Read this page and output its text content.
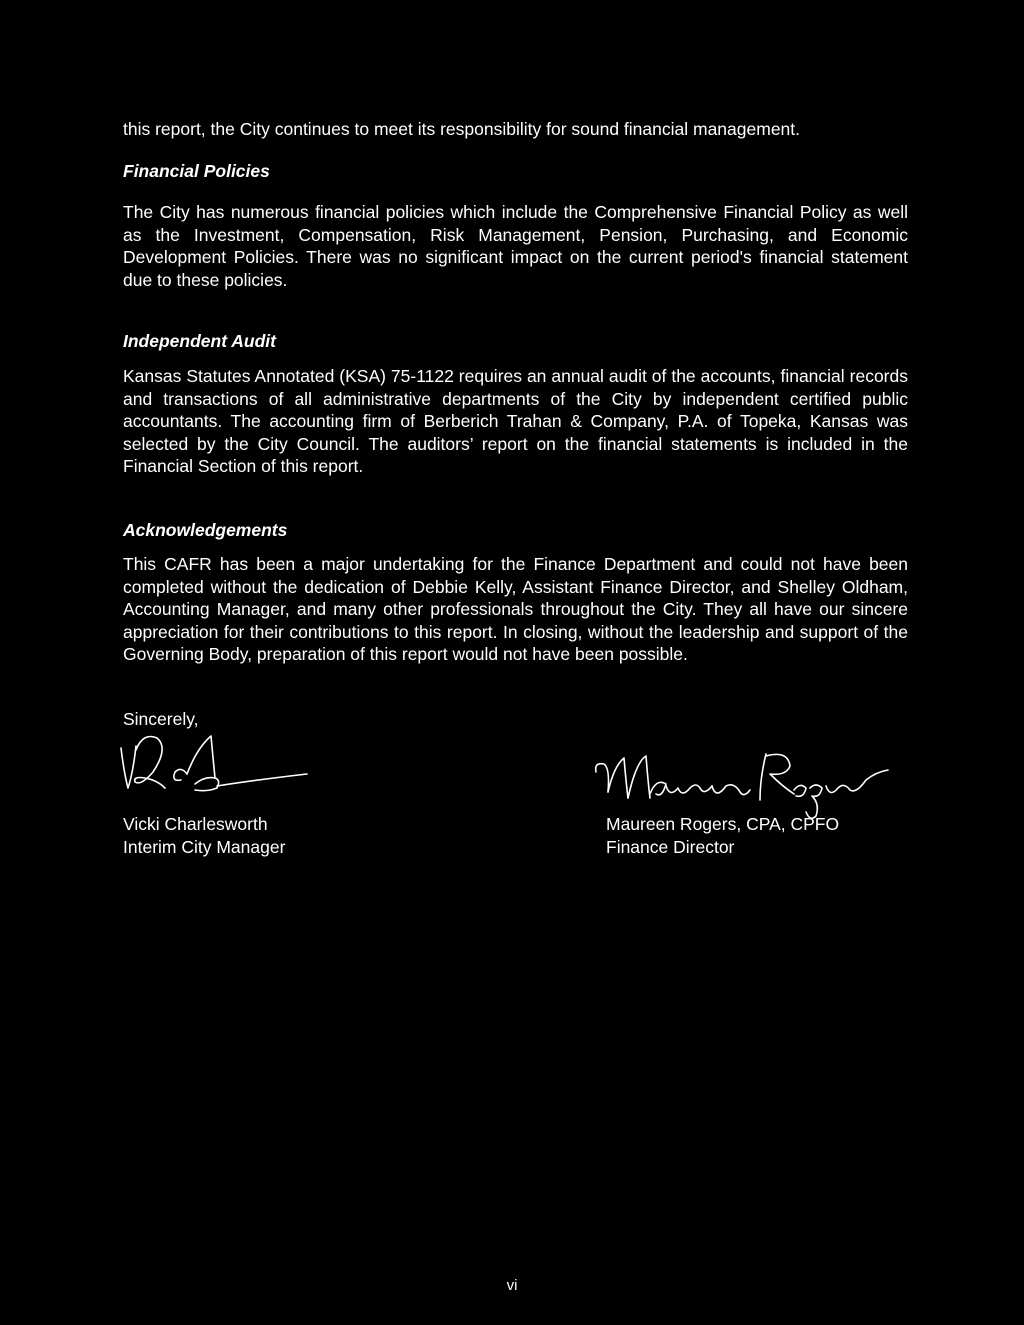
this report, the City continues to meet its responsibility for sound financial management.
Financial Policies
The City has numerous financial policies which include the Comprehensive Financial Policy as well as the Investment, Compensation, Risk Management, Pension, Purchasing, and Economic Development Policies. There was no significant impact on the current period's financial statement due to these policies.
Independent Audit
Kansas Statutes Annotated (KSA) 75-1122 requires an annual audit of the accounts, financial records and transactions of all administrative departments of the City by independent certified public accountants. The accounting firm of Berberich Trahan & Company, P.A. of Topeka, Kansas was selected by the City Council. The auditors’ report on the financial statements is included in the Financial Section of this report.
Acknowledgements
This CAFR has been a major undertaking for the Finance Department and could not have been completed without the dedication of Debbie Kelly, Assistant Finance Director, and Shelley Oldham, Accounting Manager, and many other professionals throughout the City. They all have our sincere appreciation for their contributions to this report. In closing, without the leadership and support of the Governing Body, preparation of this report would not have been possible.
Sincerely,
Vicki Charlesworth
Interim City Manager
Maureen Rogers, CPA, CPFO
Finance Director
vi
